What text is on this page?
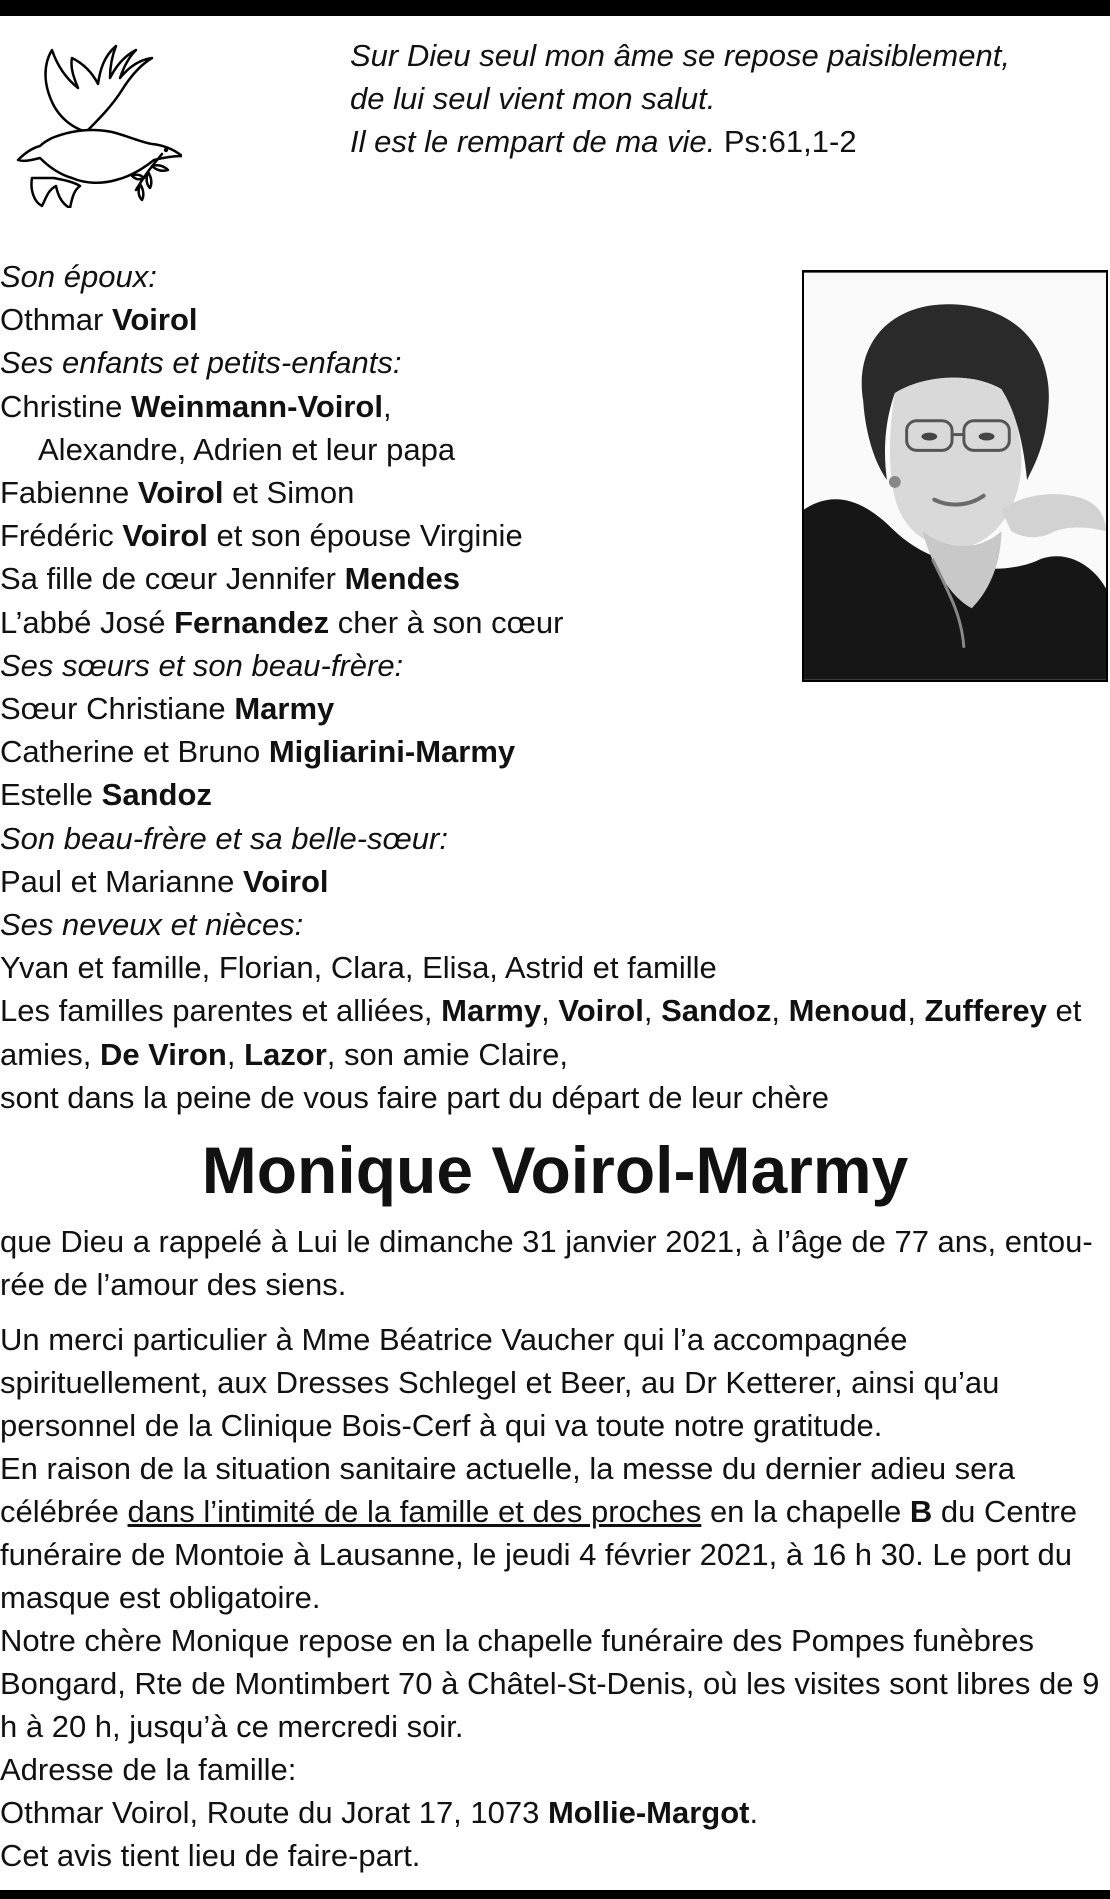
Sur Dieu seul mon âme se repose paisiblement,
de lui seul vient mon salut.
Il est le rempart de ma vie. Ps:61,1-2
Son époux:
Othmar Voirol
Ses enfants et petits-enfants:
Christine Weinmann-Voirol,
Alexandre, Adrien et leur papa
Fabienne Voirol et Simon
Frédéric Voirol et son épouse Virginie
Sa fille de cœur Jennifer Mendes
L’abbé José Fernandez cher à son cœur
Ses sœurs et son beau-frère:
Sœur Christiane Marmy
Catherine et Bruno Migliarini-Marmy
Estelle Sandoz
Son beau-frère et sa belle-sœur:
Paul et Marianne Voirol
Ses neveux et nièces:
Yvan et famille, Florian, Clara, Elisa, Astrid et famille
Les familles parentes et alliées, Marmy, Voirol, Sandoz, Menoud, Zufferey et
amies, De Viron, Lazor, son amie Claire,
sont dans la peine de vous faire part du départ de leur chère
Monique Voirol-Marmy

que Dieu a rappelé à Lui le dimanche 31 janvier 2021, à l’âge de 77 ans, entou-rée de l’amour des siens.

Un merci particulier à Mme Béatrice Vaucher qui l’a accompagnée spirituellement, aux Dresses Schlegel et Beer, au Dr Ketterer, ainsi qu’au personnel de la Clinique Bois-Cerf à qui va toute notre gratitude.

En raison de la situation sanitaire actuelle, la messe du dernier adieu sera célébrée dans l’intimité de la famille et des proches en la chapelle B du Centre funéraire de Montoie à Lausanne, le jeudi 4 février 2021, à 16 h 30. Le port du masque est obligatoire.

Notre chère Monique repose en la chapelle funéraire des Pompes funèbres Bongard, Rte de Montimbert 70 à Châtel-St-Denis, où les visites sont libres de 9 h à 20 h, jusqu’à ce mercredi soir.

Adresse de la famille:

Othmar Voirol, Route du Jorat 17, 1073 Mollie-Margot.

Cet avis tient lieu de faire-part.
